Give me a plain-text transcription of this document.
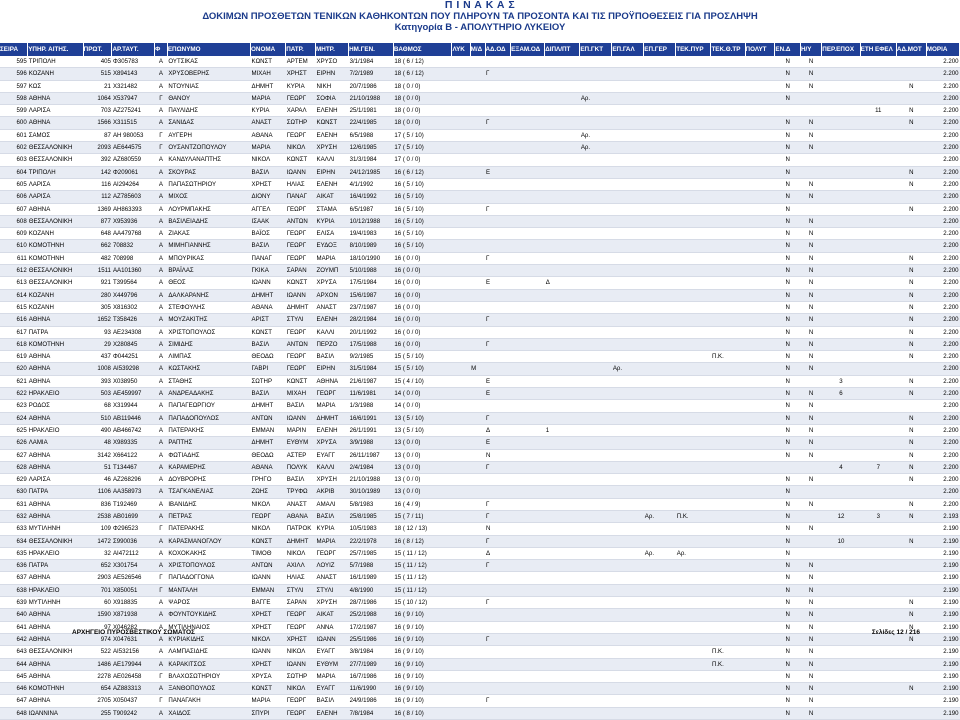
Π Ι Ν Α Κ Α Σ
ΔΟΚΙΜΩΝ ΠΡΟΣΘΕΤΩΝ ΤΕΝΙΚΩΝ ΚΑΘΗΚΟΝΤΩΝ ΠΟΥ ΠΛΗΡΟΥΝ ΤΑ ΠΡΟΣΟΝΤΑ ΚΑΙ ΤΙΣ ΠΡΟΫΠΟΘΕΣΕΙΣ ΓΙΑ ΠΡΟΣΛΗΨΗ
Κατηγορία Β - ΑΠΟΛΥΤΗΡΙΟ ΛΥΚΕΙΟΥ
ΣΕΙΡΑ	ΥΠΗΡ. ΑΙΤΗΣ.	ΠΡΩΤ.	ΑΡ.ΤΑΥΤ.	Φ	ΕΠΩΝΥΜΟ	ΟΝΟΜΑ	ΠΑΤΡ.	ΜΗΤΡ.	ΗΜ.ΓΕΝ.	ΒΑΘΜΟΣ	ΛΥΚ	Μ/Δ	ΑΔ.ΟΔ	ΕΞΑΜ.ΟΔ	ΔΙΠΛ/ΠΤ	ΕΠ.ΓΚΤ	ΕΠ.ΓΑΛ	ΕΠ.ΓΕΡ	ΤΕΚ.ΠΥΡ	ΤΕΚ.Θ.ΤΡ	ΠΟΛΥΤ	ΕΝ.Δ	Η/Υ	ΠΕΡ.ΕΠΟΧ	ΕΤΗ ΕΦΕΛ	ΑΔ.ΜΟΤ	ΜΟΡΙΑ
595	ΤΡΙΠΟΛΗ	405	Φ305783	Α	ΟΥΤΣΙΚΑΣ	ΚΩΝΣΤ	ΑΡΤΕΜ	ΧΡΥΣΟ	3/1/1984	18 ( 6 / 12)												Ν	Ν				2.200
596	ΚΟΖΑΝΗ	515	Χ894143	Α	ΧΡΥΣΟΒΕΡΗΣ	ΜΙΧΑΗ	ΧΡΗΣΤ	ΕΙΡΗΝ	7/2/1989	18 ( 6 / 12)			Γ									Ν	Ν				2.200
597	ΚΩΣ	21	Χ321482	Α	ΝΤΟΥΝΙΑΣ	ΔΗΜΗΤ	ΚΥΡΙΑ	ΝΙΚΗ	20/7/1986	18 ( 0 / 0)												Ν	Ν			Ν	2.200
598	ΑΘΗΝΑ	1064	Χ537947	Γ	ΘΑΝΟΥ	ΜΑΡΙΑ	ΓΕΩΡΓ	ΣΟΦΙΑ	21/10/1988	18 ( 0 / 0)						Αρ.						Ν					2.200
599	ΛΑΡΙΣΑ	703	ΑΖ275241	Α	ΠΑΥΛΙΔΗΣ	ΚΥΡΙΑ	ΧΑΡΑΛ	ΕΛΕΝΗ	25/1/1981	18 ( 0 / 0)															11	Ν	2.200
600	ΑΘΗΝΑ	1566	Χ311515	Α	ΣΑΝΙΔΑΣ	ΑΝΑΣΤ	ΣΩΤΗΡ	ΚΩΝΣΤ	22/4/1985	18 ( 0 / 0)			Γ									Ν	Ν			Ν	2.200
601	ΣΑΜΟΣ	87	ΑΗ 980053	Γ	ΑΥΓΕΡΗ	ΑΘΑΝΑ	ΓΕΩΡΓ	ΕΛΕΝΗ	6/5/1988	17 ( 5 / 10)						Αρ.						Ν	Ν				2.200
602	ΘΕΣΣΑΛΟΝΙΚΗ	2093	ΑΕ644575	Γ	ΟΥΣΑΝΤΖΟΠΟΥΛΟΥ	ΜΑΡΙΑ	ΝΙΚΟΛ	ΧΡΥΣΗ	12/6/1985	17 ( 5 / 10)						Αρ.						Ν	Ν				2.200
603	ΘΕΣΣΑΛΟΝΙΚΗ	392	ΑΖ680559	Α	ΚΑΝΔΥΛΑΝΑΠΤΗΣ	ΝΙΚΟΛ	ΚΩΝΣΤ	ΚΑΛΛΙ	31/3/1984	17 ( 0 / 0)												Ν					2.200
604	ΤΡΙΠΟΛΗ	142	Φ209061	Α	ΣΚΟΥΡΑΣ	ΒΑΣΙΛ	ΙΩΑΝΝ	ΕΙΡΗΝ	24/12/1985	16 ( 6 / 12)			Ε									Ν				Ν	2.200
605	ΛΑΡΙΣΑ	116	ΑΙ294264	Α	ΠΑΠΑΣΩΤΗΡΙΟΥ	ΧΡΗΣΤ	ΗΛΙΑΣ	ΕΛΕΝΗ	4/1/1992	16 ( 5 / 10)												Ν	Ν			Ν	2.200
606	ΛΑΡΙΣΑ	112	ΑΖ785603	Α	ΜΙΧΟΣ	ΔΙΟΝΥ	ΠΑΝΑΓ	ΑΙΚΑΤ	16/4/1992	16 ( 5 / 10)												Ν	Ν				2.200
607	ΑΘΗΝΑ	1369	ΑΗ863393	Α	ΛΟΥΡΜΠΑΚΗΣ	ΑΓΓΕΛ	ΓΕΩΡΓ	ΣΤΑΜΑ	6/5/1987	16 ( 5 / 10)			Γ									Ν				Ν	2.200
608	ΘΕΣΣΑΛΟΝΙΚΗ	877	Χ953936	Α	ΒΑΣΙΛΕΙΑΔΗΣ	ΙΣΑΑΚ	ΑΝΤΩΝ	ΚΥΡΙΑ	10/12/1988	16 ( 5 / 10)												Ν	Ν				2.200
609	ΚΟΖΑΝΗ	648	ΑΑ479768	Α	ΖΙΑΚΑΣ	ΒΑΪΟΣ	ΓΕΩΡΓ	ΕΛΙΣΑ	19/4/1983	16 ( 5 / 10)												Ν	Ν				2.200
610	ΚΟΜΟΤΗΝΗ	662	708832	Α	ΜΙΜΗΓΙΑΝΝΗΣ	ΒΑΣΙΛ	ΓΕΩΡΓ	ΕΥΔΟΞ	8/10/1989	16 ( 5 / 10)												Ν	Ν				2.200
611	ΚΟΜΟΤΗΝΗ	482	708998	Α	ΜΠΟΥΡΙΚΑΣ	ΠΑΝΑΓ	ΓΕΩΡΓ	ΜΑΡΙΑ	18/10/1990	16 ( 0 / 0)			Γ									Ν	Ν			Ν	2.200
612	ΘΕΣΣΑΛΟΝΙΚΗ	1511	ΑΑ101360	Α	ΒΡΑΪΛΑΣ	ΓΚΙΚΑ	ΣΑΡΑΝ	ΖΟΥΜΠ	5/10/1988	16 ( 0 / 0)												Ν	Ν			Ν	2.200
613	ΘΕΣΣΑΛΟΝΙΚΗ	921	Τ399564	Α	ΘΕΟΣ	ΙΩΑΝΝ	ΚΩΝΣΤ	ΧΡΥΣΑ	17/5/1984	16 ( 0 / 0)			Ε		Δ							Ν	Ν			Ν	2.200
614	ΚΟΖΑΝΗ	280	Χ449796	Α	ΔΑΛΚΑΡΑΝΗΣ	ΔΗΜΗΤ	ΙΩΑΝΝ	ΑΡΧΟΝ	15/6/1987	16 ( 0 / 0)												Ν	Ν			Ν	2.200
615	ΚΟΖΑΝΗ	305	Χ816302	Α	ΣΤΕΦΟΥΛΗΣ	ΑΘΑΝΑ	ΔΗΜΗΤ	ΑΝΑΣΤ	23/7/1987	16 ( 0 / 0)												Ν	Ν			Ν	2.200
616	ΑΘΗΝΑ	1652	Τ358426	Α	ΜΟΥΖΑΚΙΤΗΣ	ΑΡΙΣΤ	ΣΤΥΛΙ	ΕΛΕΝΗ	28/2/1984	16 ( 0 / 0)			Γ									Ν	Ν			Ν	2.200
617	ΠΑΤΡΑ	93	ΑΕ234308	Α	ΧΡΙΣΤΟΠΟΥΛΟΣ	ΚΩΝΣΤ	ΓΕΩΡΓ	ΚΑΛΛΙ	20/1/1992	16 ( 0 / 0)												Ν	Ν			Ν	2.200
618	ΚΟΜΟΤΗΝΗ	29	Χ280845	Α	ΣΙΜΙΔΗΣ	ΒΑΣΙΛ	ΑΝΤΩΝ	ΠΕΡΖΟ	17/5/1988	16 ( 0 / 0)			Γ									Ν	Ν			Ν	2.200
619	ΑΘΗΝΑ	437	Φ044251	Α	ΛΙΜΠΑΣ	ΘΕΟΔΩ	ΓΕΩΡΓ	ΒΑΣΙΛ	9/2/1985	15 ( 5 / 10)										Π.Κ.		Ν	Ν			Ν	2.200
620	ΑΘΗΝΑ	1008	ΑΙ539298	Α	ΚΩΣΤΑΚΗΣ	ΓΑΒΡΙ	ΓΕΩΡΓ	ΕΙΡΗΝ	31/5/1984	15 ( 5 / 10)		Μ					Αρ.					Ν	Ν				2.200
621	ΑΘΗΝΑ	393	Χ038950	Α	ΣΤΑΘΗΣ	ΣΩΤΗΡ	ΚΩΝΣΤ	ΑΘΗΝΑ	21/6/1987	15 ( 4 / 10)			Ε									Ν		3		Ν	2.200
622	ΗΡΑΚΛΕΙΟ	503	ΑΕ459997	Α	ΑΝΔΡΕΑΔΑΚΗΣ	ΒΑΣΙΛ	ΜΙΧΑΗ	ΓΕΩΡΓ	11/6/1981	14 ( 0 / 0)			Ε									Ν	Ν	6		Ν	2.200
623	ΡΟΔΟΣ	68	Χ319944	Α	ΠΑΠΑΓΕΩΡΓΙΟΥ	ΔΗΜΗΤ	ΒΑΣΙΛ	ΜΑΡΙΑ	1/3/1988	14 ( 0 / 0)												Ν	Ν				2.200
624	ΑΘΗΝΑ	510	ΑΒ119446	Α	ΠΑΠΑΔΟΠΟΥΛΟΣ	ΑΝΤΩΝ	ΙΩΑΝΝ	ΔΗΜΗΤ	16/6/1991	13 ( 5 / 10)			Γ									Ν	Ν			Ν	2.200
625	ΗΡΑΚΛΕΙΟ	490	ΑΒ466742	Α	ΠΑΤΕΡΑΚΗΣ	ΕΜΜΑΝ	ΜΑΡΙΝ	ΕΛΕΝΗ	26/1/1991	13 ( 5 / 10)			Δ		1							Ν	Ν			Ν	2.200
626	ΛΑΜΙΑ	48	Χ989335	Α	ΡΑΠΤΗΣ	ΔΗΜΗΤ	ΕΥΘΥΜ	ΧΡΥΣΑ	3/9/1988	13 ( 0 / 0)			Ε									Ν	Ν			Ν	2.200
627	ΑΘΗΝΑ	3142	Χ664122	Α	ΦΩΤΙΑΔΗΣ	ΘΕΟΔΩ	ΑΣΤΕΡ	ΕΥΑΓΓ	26/11/1987	13 ( 0 / 0)			Ν									Ν	Ν			Ν	2.200
628	ΑΘΗΝΑ	51	Τ134467	Α	ΚΑΡΑΜΕΡΗΣ	ΑΘΑΝΑ	ΠΟΛΥΚ	ΚΑΛΛΙ	2/4/1984	13 ( 0 / 0)			Γ											4	7	Ν	2.200
629	ΛΑΡΙΣΑ	46	ΑΖ268296	Α	ΔΟΥΒΡΟΡΗΣ	ΓΡΗΓΟ	ΒΑΣΙΛ	ΧΡΥΣΗ	21/10/1988	13 ( 0 / 0)												Ν	Ν			Ν	2.200
630	ΠΑΤΡΑ	1106	ΑΑ358973	Α	ΤΣΑΓΚΑΝΕΛΙΑΣ	ΖΩΗΣ	ΤΡΥΦΩ	ΑΚΡΙΒ	30/10/1989	13 ( 0 / 0)												Ν					2.200
631	ΑΘΗΝΑ	836	Τ192469	Α	ΙΒΑΝΙΔΗΣ	ΝΙΚΟΛ	ΑΝΑΣΤ	ΑΜΑΛΙ	5/8/1983	16 ( 4 / 9)			Γ									Ν	Ν			Ν	2.200
632	ΑΘΗΝΑ	2538	ΑΒ01699	Α	ΠΕΤΡΑΣ	ΓΕΩΡΓ	ΑΘΑΝΑ	ΒΑΣΙΛ	25/8/1985	15 ( 7 / 11)			Γ					Αρ.	Π.Κ.			Ν		12	3	Ν	2.193
633	ΜΥΤΙΛΗΝΗ	109	Φ296523	Γ	ΠΑΤΕΡΑΚΗΣ	ΝΙΚΟΛ	ΠΑΤΡΟΚ	ΚΥΡΙΑ	10/5/1983	18 ( 12 / 13)			Ν									Ν	Ν				2.190
634	ΘΕΣΣΑΛΟΝΙΚΗ	1472	Σ990036	Α	ΚΑΡΑΣΜΑΝΟΓΛΟΥ	ΚΩΝΣΤ	ΔΗΜΗΤ	ΜΑΡΙΑ	22/2/1978	16 ( 8 / 12)			Γ									Ν		10		Ν	2.190
635	ΗΡΑΚΛΕΙΟ	32	ΑΙ472112	Α	ΚΟΧΟΚΑΚΗΣ	ΤΙΜΟΘ	ΝΙΚΟΛ	ΓΕΩΡΓ	25/7/1985	15 ( 11 / 12)			Δ					Αρ.	Αρ.			Ν					2.190
636	ΠΑΤΡΑ	652	Χ301754	Α	ΧΡΙΣΤΟΠΟΥΛΟΣ	ΑΝΤΩΝ	ΑΧΙΛΛ	ΛΟΥΙΖ	5/7/1988	15 ( 11 / 12)			Γ									Ν	Ν				2.190
637	ΑΘΗΝΑ	2903	ΑΕ526546	Γ	ΠΑΠΑΔΟΓΓΟΝΑ	ΙΩΑΝΝ	ΗΛΙΑΣ	ΑΝΑΣΤ	16/1/1989	15 ( 11 / 12)												Ν	Ν				2.190
638	ΗΡΑΚΛΕΙΟ	701	Χ850051	Γ	ΜΑΝΤΑΛΗ	ΕΜΜΑΝ	ΣΤΥΛΙ	ΣΤΥΛΙ	4/8/1990	15 ( 11 / 12)												Ν	Ν				2.190
639	ΜΥΤΙΛΗΝΗ	60	Χ918835	Α	ΨΑΡΟΣ	ΒΑΓΓΕ	ΣΑΡΑΝ	ΧΡΥΣΗ	28/7/1986	15 ( 10 / 12)			Γ									Ν	Ν			Ν	2.190
640	ΑΘΗΝΑ	1590	Χ871938	Α	ΦΟΥΝΤΟΥΚΙΔΗΣ	ΧΡΗΣΤ	ΓΕΩΡΓ	ΑΙΚΑΤ	25/2/1988	16 ( 9 / 10)												Ν	Ν			Ν	2.190
641	ΑΘΗΝΑ	97	Χ046282	Α	ΜΥΤΙΛΗΝΑΙΟΣ	ΧΡΗΣΤ	ΓΕΩΡΓ	ΑΝΝΑ	17/2/1987	16 ( 9 / 10)												Ν	Ν			Ν	2.190
642	ΑΘΗΝΑ	974	Χ047631	Α	ΚΥΡΙΑΚΙΔΗΣ	ΝΙΚΟΛ	ΧΡΗΣΤ	ΙΩΑΝΝ	25/5/1986	16 ( 9 / 10)			Γ									Ν	Ν			Ν	2.190
643	ΘΕΣΣΑΛΟΝΙΚΗ	522	ΑΙ532156	Α	ΛΑΜΠΑΣΙΔΗΣ	ΙΩΑΝΝ	ΝΙΚΟΛ	ΕΥΑΓΓ	3/8/1984	16 ( 9 / 10)										Π.Κ.		Ν	Ν				2.190
644	ΑΘΗΝΑ	1486	ΑΕ179944	Α	ΚΑΡΑΚΙΤΣΟΣ	ΧΡΗΣΤ	ΙΩΑΝΝ	ΕΥΘΥΜ	27/7/1989	16 ( 9 / 10)										Π.Κ.		Ν	Ν				2.190
645	ΑΘΗΝΑ	2278	ΑΕ026458	Γ	ΒΛΑΧΟΣΩΤΗΡΙΟΥ	ΧΡΥΣΑ	ΣΩΤΗΡ	ΜΑΡΙΑ	16/7/1986	16 ( 9 / 10)												Ν	Ν				2.190
646	ΚΟΜΟΤΗΝΗ	654	ΑΖ883313	Α	ΞΑΝΘΟΠΟΥΛΟΣ	ΚΩΝΣΤ	ΝΙΚΟΛ	ΕΥΑΓΓ	11/6/1990	16 ( 9 / 10)												Ν	Ν			Ν	2.190
647	ΑΘΗΝΑ	2705	Χ050437	Γ	ΠΑΝΑΓΑΚΗ	ΜΑΡΙΑ	ΓΕΩΡΓ	ΒΑΣΙΛ	24/9/1986	16 ( 9 / 10)			Γ									Ν	Ν				2.190
648	ΙΩΑΝΝΙΝΑ	255	Τ909242	Α	ΧΑΙΔΟΣ	ΣΠΥΡΙ	ΓΕΩΡΓ	ΕΛΕΝΗ	7/8/1984	16 ( 8 / 10)												Ν	Ν				2.190
ΑΡΧΗΓΕΙΟ ΠΥΡΟΣΒΕΣΤΙΚΟΥ ΣΩΜΑΤΟΣ	Σελίδες 12 / 216
